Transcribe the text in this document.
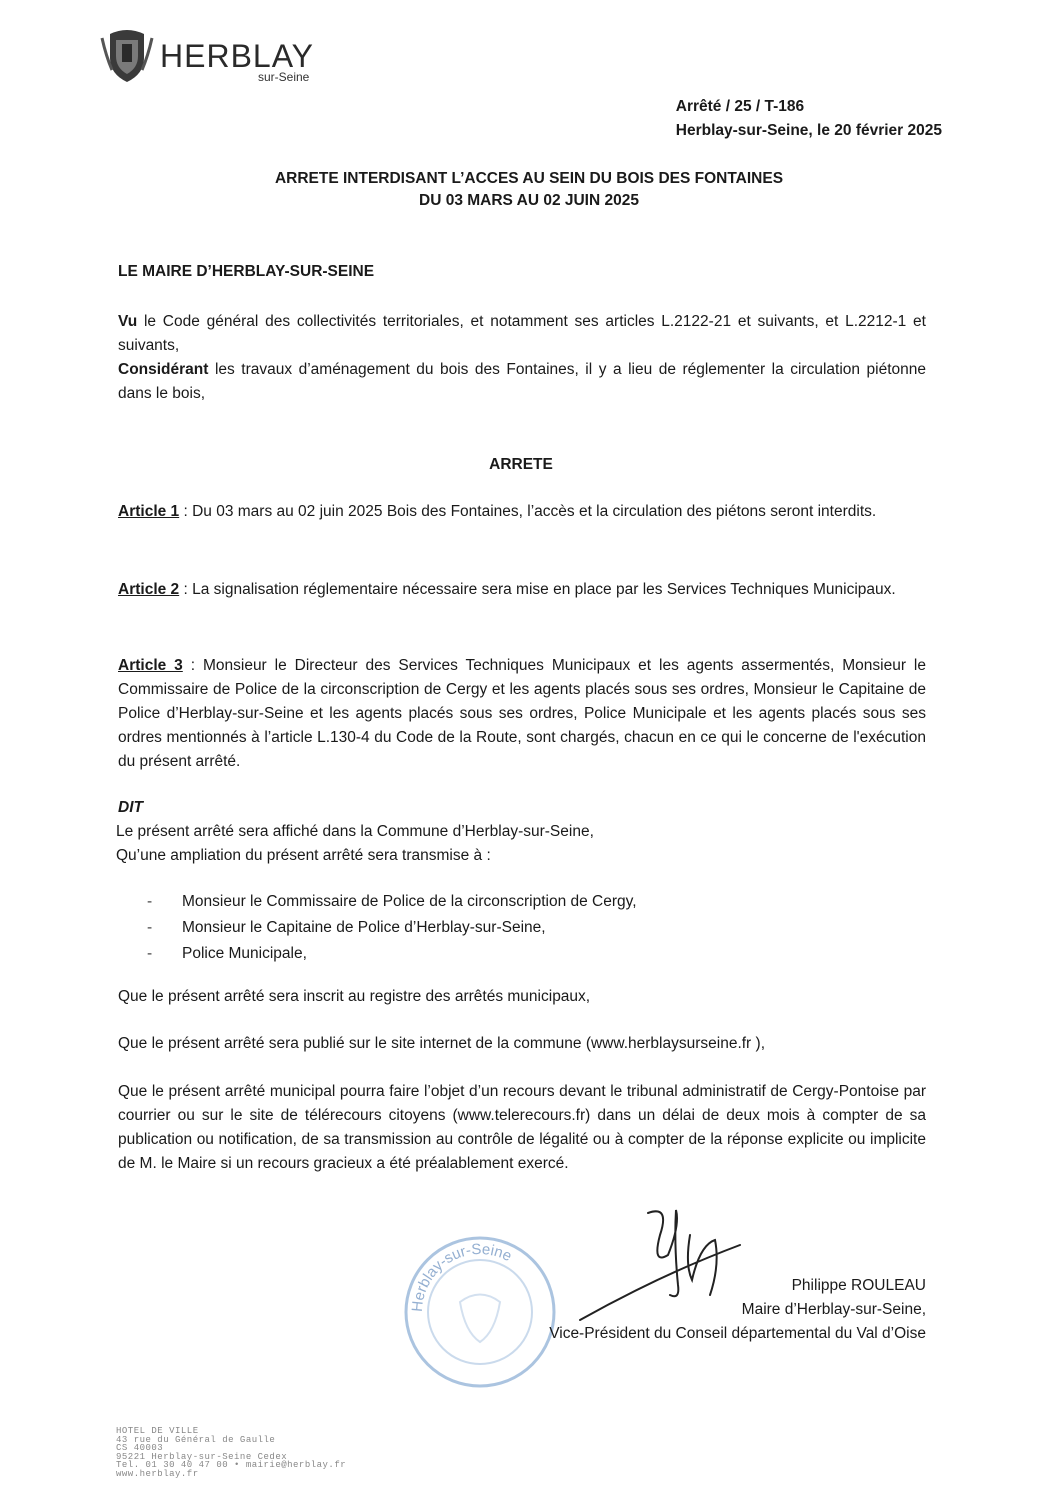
HERBLAY
sur-Seine
Arrêté / 25 / T-186
Herblay-sur-Seine, le 20 février 2025
ARRETE INTERDISANT L’ACCES AU SEIN DU BOIS DES FONTAINES
DU 03 MARS AU 02 JUIN 2025
LE MAIRE D’HERBLAY-SUR-SEINE
Vu le Code général des collectivités territoriales, et notamment ses articles L.2122-21 et suivants, et L.2212-1 et suivants,
Considérant les travaux d’aménagement du bois des Fontaines, il y a lieu de réglementer la circulation piétonne dans le bois,
ARRETE
Article 1 : Du 03 mars au 02 juin 2025 Bois des Fontaines, l’accès et la circulation des piétons seront interdits.
Article 2 : La signalisation réglementaire nécessaire sera mise en place par les Services Techniques Municipaux.
Article 3 : Monsieur le Directeur des Services Techniques Municipaux et les agents assermentés, Monsieur le Commissaire de Police de la circonscription de Cergy et les agents placés sous ses ordres, Monsieur le Capitaine de Police d’Herblay-sur-Seine et les agents placés sous ses ordres, Police Municipale et les agents placés sous ses ordres mentionnés à l’article L.130-4 du Code de la Route, sont chargés, chacun en ce qui le concerne de l'exécution du présent arrêté.
DIT
Le présent arrêté sera affiché dans la Commune d’Herblay-sur-Seine,
Qu’une ampliation du présent arrêté sera transmise à :
- Monsieur le Commissaire de Police de la circonscription de Cergy,
- Monsieur le Capitaine de Police d’Herblay-sur-Seine,
- Police Municipale,
Que le présent arrêté sera inscrit au registre des arrêtés municipaux,
Que le présent arrêté sera publié sur le site internet de la commune (www.herblaysurseine.fr ),
Que le présent arrêté municipal pourra faire l’objet d’un recours devant le tribunal administratif de Cergy-Pontoise par courrier ou sur le site de télérecours citoyens (www.telerecours.fr) dans un délai de deux mois à compter de sa publication ou notification, de sa transmission au contrôle de légalité ou à compter de la réponse explicite ou implicite de M. le Maire si un recours gracieux a été préalablement exercé.
Herblay-sur-Seine
Philippe ROULEAU
Maire d’Herblay-sur-Seine,
Vice-Président du Conseil départemental du Val d’Oise
HOTEL DE VILLE
43 rue du Général de Gaulle
CS 40003
95221 Herblay-sur-Seine Cedex
Tel. 01 30 40 47 00 • mairie@herblay.fr
www.herblay.fr
